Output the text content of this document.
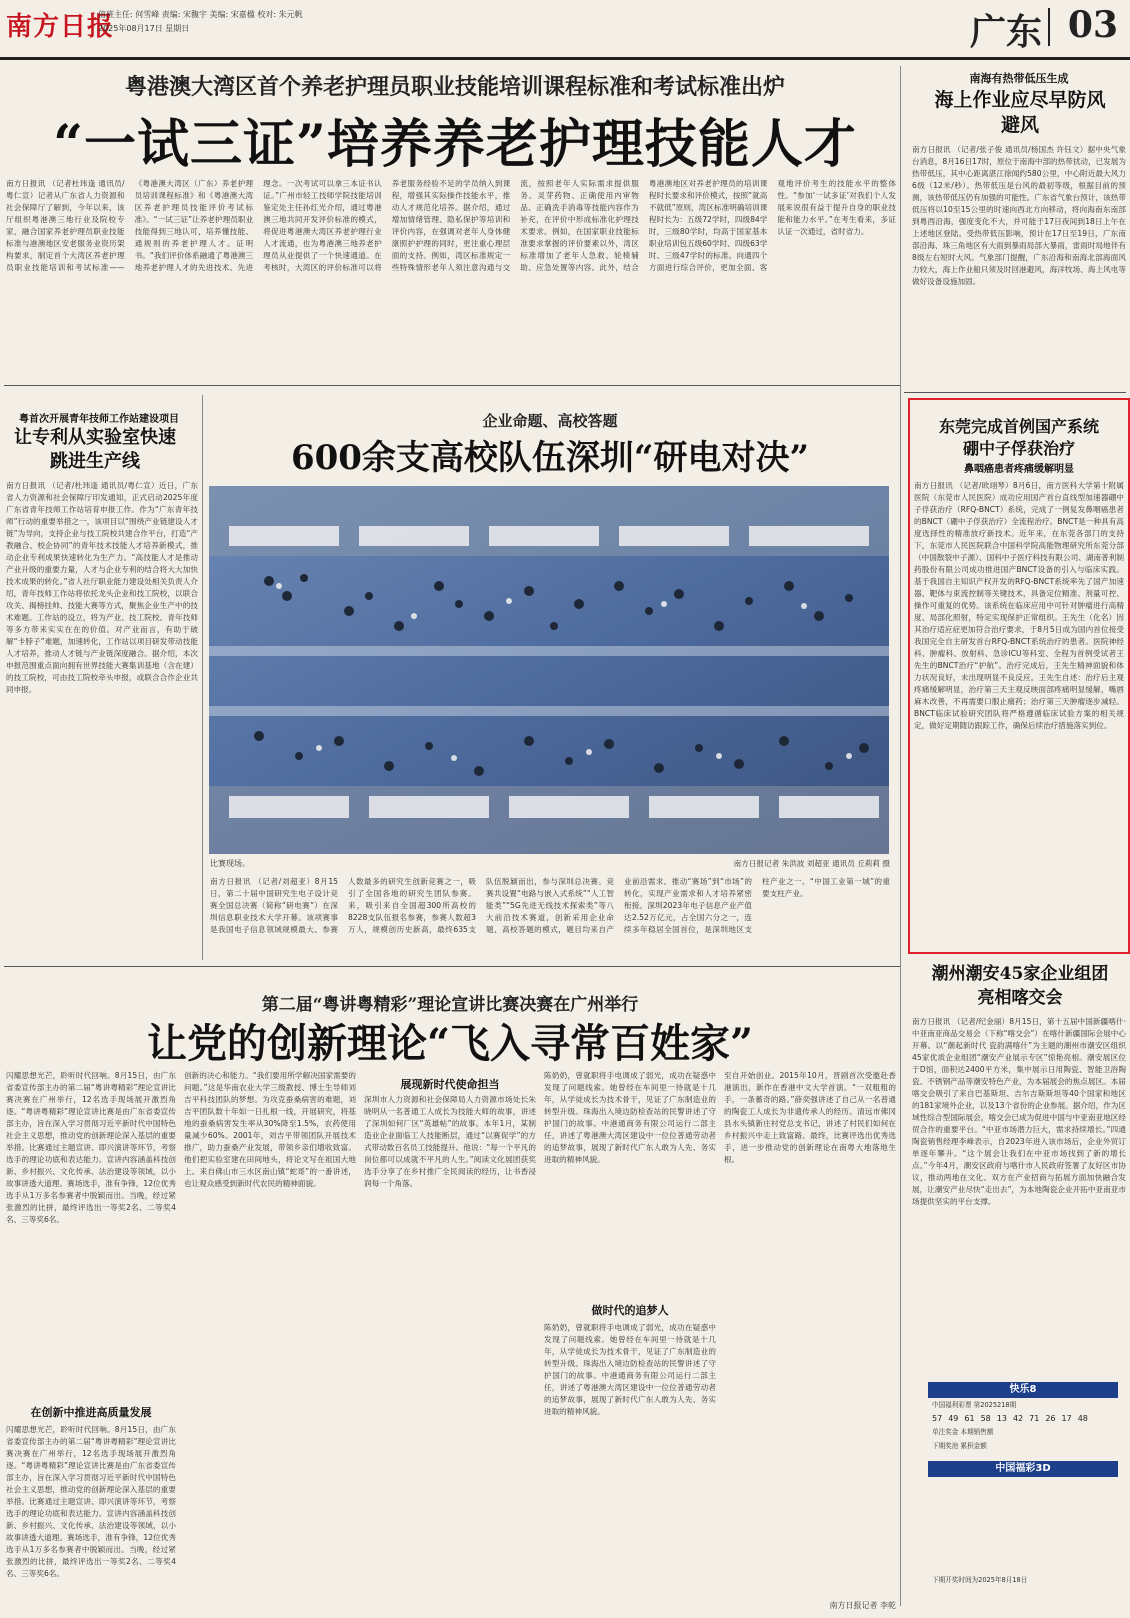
南方日报
值班主任: 何雪峰 责编: 宋馥宇 美编: 宋嘉楹 校对: 朱元帆
2025年08月17日 星期日	广东 03
粤港澳大湾区首个养老护理员职业技能培训课程标准和考试标准出炉
“一试三证”培养养老护理技能人才
南方日报讯 （记者杜玮逢 通讯员/粤仁宣）记者从广东省人力资源和社会保障厅了解到，今年以来，该厅组织粤港澳三地行业及院校专家，融合国家养老护理员职业技能标准与港澳地区安老服务业资历架构要求，制定首个大湾区养老护理员职业技能培训和考试标准——《粤港澳大湾区（广东）养老护理员培训课程标准》和《粤港澳大湾区养老护理员技能评价考试标准》。“一试三证”让养老护理员职业技能得到三地认可，培养懂技能、通规则的养老护理人才。证明书。“我们评价体系融通了粤港澳三地养老护理人才的先进技术、先进理念。一次考试可以拿三本证书认证。”广州市轻工技师学院技能培训鉴定处主任孙红光介绍，通过粤港澳三地共同开发评价标准的模式，将促进粤港澳大湾区养老护理行业人才流通，也为粤港澳三地养老护理员从业提供了一个快速通道。在考核时，大湾区的评价标准可以将养老服务经验不足的学员纳入到课程，增强其实际操作技能水平，推动人才规范化培养。据介绍，通过增加情绪管理、隐私保护等培训和评价内容，在强调对老年人身体健康照护护理的同时，更注重心理层面的支持。例如，湾区标准规定一些特殊情形老年人须注意沟通与交流，按照老年人实际需求提供服务。灵芽药物、正确使用内审物品、正确洗手消毒等技能内容作为补充，在评价中形成标准化护理技术要求。例如，在国家职业技能标准要求掌握的评价要素以外，湾区标准增加了老年人急救、轮椅辅助、应急处置等内容。此外，结合粤港澳地区对养老护理员的培训课程时长要求和评价模式，按照“就高不就低”原则，湾区标准明确培训课程时长为：五级72学时，四级84学时，三级80学时，均高于国家基本职业培训包五级60学时、四级63学时、三级47学时的标准。向通四个方面进行综合评价，更加全面、客观地评价考生的技能水平的整体性。“参加‘一试多证’对我们个人发展来说很有益于提升自身的职业技能和能力水平。”在考生看来，多证认证一次通过，省时省力。
南海有热带低压生成
海上作业应尽早防风避风
南方日报讯 （记者/张子俊 通讯员/杨国杰 许钰文）据中央气象台消息，8月16日17时，原位于南海中部的热带扰动，已发展为热带低压，其中心距离湛江徐闻约580公里，中心附近最大风力6级（12米/秒）。热带低压是台风的最初等级，根据目前的预测，该热带低压仍有加强的可能性。广东省气象台预计，该热带低压将以10至15公里的时速向西北方向移动，将向海南东南部到粤西沿海，强度变化不大，并可能于17日夜间到18日上午在上述地区登陆。受热带低压影响，预计在17日至19日，广东南部沿海、珠三角地区有大雨到暴雨局部大暴雨，雷雨时局地伴有8级左右短时大风。气象部门提醒，广东沿海和南海北部海面风力较大，海上作业船只须及时回港避风，海洋牧场、海上风电等做好设备设施加固。
粤首次开展青年技师工作站建设项目
让专利从实验室快速跳进生产线
南方日报讯 （记者/杜玮逢 通讯员/粤仁宣）近日，广东省人力资源和社会保障厅印发通知，正式启动2025年度广东省青年技师工作站培育申报工作。作为“广东青年技师”行动的重要举措之一，该项目以“围绕产业链建设人才链”为导向，支持企业与技工院校共建合作平台，打造“产教融合、校企协同”的青年技术技能人才培养新模式，推动企业专利成果快速转化为生产力。“高技能人才是推动产业升级的重要力量，人才与企业专利的结合将大大加快技术成果的转化。”省人社厅职业能力建设处相关负责人介绍，青年技师工作站将依托龙头企业和技工院校，以联合攻关、揭榜挂帅、技能大赛等方式，聚焦企业生产中的技术难题。工作站的设立，将为产业、技工院校、青年技师等多方带来实实在在的价值。对产业而言，有助于破解“卡脖子”难题，加速转化，工作站以项目研发带动技能人才培养，推动人才链与产业链深度融合。据介绍，本次申报范围重点面向拥有世界技能大赛集训基地（含在建）的技工院校，可由技工院校牵头申报，或联合合作企业共同申报。
企业命题、高校答题
600余支高校队伍深圳“研电对决”
比赛现场。	南方日报记者 朱洪波 刘超亚 通讯员 丘莉莉 摄
南方日报讯 （记者/刘超亚）8月15日，第二十届中国研究生电子设计竞赛全国总决赛（简称“研电赛”）在深圳信息职业技术大学开幕。该项赛事是我国电子信息领域规模最大、参赛人数最多的研究生创新竞赛之一，吸引了全国各地的研究生团队参赛。来，吸引来自全国超300所高校的8228支队伍报名参赛，参赛人数超3万人，规模创历史新高，最终635支队伍脱颖而出，参与深圳总决赛。竞赛共设置“电路与嵌入式系统”“人工智能类”“5G先进无线技术探索类”等八大前沿技术赛道，创新采用企业命题、高校答题的模式，题目均来自产业前沿需求。推动“赛场”到“市场”的转化，实现产业需求和人才培养紧密衔接。深圳2023年电子信息产业产值达2.52万亿元，占全国六分之一，连续多年稳居全国首位，是深圳地区支柱产业之一。“中国工业第一城”的重要支柱产业。
东莞完成首例国产系统
硼中子俘获治疗
鼻咽癌患者疼痛缓解明显
南方日报讯 （记者/欧翊琴）8月6日，南方医科大学第十附属医院（东莞市人民医院）成功应用国产首台直线型加速器硼中子俘获治疗（RFQ-BNCT）系统，完成了一例复发鼻咽癌患者的BNCT（硼中子俘获治疗）全流程治疗。BNCT是一种具有高度选择性的精准放疗新技术。近年来，在东莞各部门的支持下，东莞市人民医院联合中国科学院高能物理研究所东莞分部（中国散裂中子源）、国科中子医疗科技有限公司、湖南普利制药股份有限公司成功推进国产BNCT设备的引入与临床实践。基于我国自主知识产权开发的RFQ-BNCT系统率先了国产加速器、靶体与束流控制等关键技术，具备定位精准、剂量可控、操作可重复的优势。该系统在临床应用中可针对肿瘤进行高精度、局部化照射，特定实现保护正常组织。王先生（化名）因其治疗适应症更加符合治疗要求，于8月5日成为国内首位接受我国完全自主研发首台RFQ-BNCT系统治疗的患者。医院神经科、肿瘤科、放射科、急诊ICU等科室、全程为首例受试者王先生的BNCT治疗“护航”。治疗完成后，王先生精神面貌和体力状况良好，未出现明显不良反应。王先生自述：治疗后主观疼痛缓解明显，治疗第三天主观反映面部疼痛明显缓解，嘴唇麻木改善，不再需要口服止痛药；治疗第三天肿瘤逐步减轻。BNCT临床试验研究团队将严格遵循临床试验方案的相关规定，做好定期随访跟踪工作，确保后续治疗措施落实到位。
潮州潮安45家企业组团亮相喀交会
南方日报讯 （记者/纪金丽）8月15日，第十五届中国新疆喀什·中亚南亚商品交易会（下称“喀交会”）在喀什新疆国际会展中心开幕。以“潮起新时代 瓷韵满喀什”为主题的潮州市潮安区组织45家优质企业组团“潮安产业展示专区”惊艳亮相。潮安展区位于D馆，面积达2400平方米，集中展示日用陶瓷、智能卫浴陶瓷、不锈钢产品等潮安特色产业，为本届展会的焦点展区。本届喀交会吸引了来自巴基斯坦、吉尔吉斯斯坦等40个国家和地区的181家境外企业，以及13个省份的企业参展。据介绍，作为区域性综合型国际展会，喀交会已成为促进中国与中亚南亚地区经贸合作的重要平台。“中亚市场潜力巨大，需求持续增长。”四通陶瓷销售经理李峰表示，自2023年进入该市场后，企业外贸订单逐年攀升。“这个展会让我们在中亚市场找到了新的增长点。”今年4月，潮安区政府与喀什市人民政府签署了友好区市协议，推动两地在文化、双方在产业招商与拓展方面加快融合发展，让潮安产业尽快“走出去”，为本地陶瓷企业开拓中亚南亚市场提供坚实的平台支撑。
快乐8
中国福利彩票 第2025218期
57 49 61 58 13 42 71 26 17 48
单注奖金 本期销售额
下期奖池 累积金额
中国福彩3D
下期开奖时间为2025年8月18日
第二届“粤讲粤精彩”理论宣讲比赛决赛在广州举行
让党的创新理论“飞入寻常百姓家”
闪耀思想光芒，聆听时代回响。8月15日，由广东省委宣传部主办的第二届“粤讲粤精彩”理论宣讲比赛决赛在广州举行，12名选手现场展开激烈角逐。“粤讲粤精彩”理论宣讲比赛是由广东省委宣传部主办，旨在深入学习贯彻习近平新时代中国特色社会主义思想，推动党的创新理论深入基层的重要举措。比赛通过主题宣讲、即兴演讲等环节，考察选手的理论功底和表达能力。宣讲内容涵盖科技创新、乡村振兴、文化传承、法治建设等领域，以小故事讲透大道理。赛场选手，准有争锋，12位优秀选手从1万多名参赛者中脱颖而出。当晚，经过紧张激烈的比拼，最终评选出一等奖2名、二等奖4名、三等奖6名。
在创新中推进高质量发展
闪耀思想光芒，聆听时代回响。8月15日，由广东省委宣传部主办的第二届“粤讲粤精彩”理论宣讲比赛决赛在广州举行，12名选手现场展开激烈角逐。“粤讲粤精彩”理论宣讲比赛是由广东省委宣传部主办，旨在深入学习贯彻习近平新时代中国特色社会主义思想，推动党的创新理论深入基层的重要举措。比赛通过主题宣讲、即兴演讲等环节，考察选手的理论功底和表达能力。宣讲内容涵盖科技创新、乡村振兴、文化传承、法治建设等领域，以小故事讲透大道理。赛场选手，准有争锋，12位优秀选手从1万多名参赛者中脱颖而出。当晚，经过紧张激烈的比拼，最终评选出一等奖2名、二等奖4名、三等奖6名。
创新的决心和能力。“我们要用所学解决国家需要的问题。”这是华南农业大学三级教授、博士生导师刘吉平科技团队的梦想。为攻克蚕桑病害的难题，刘吉平团队数十年如一日扎根一线，开展研究，将基地的蚕桑病害发生率从30%降至1.5%，农药使用量减少60%。2001年，刘吉平带领团队开展技术推广，助力蚕桑产业发展，带领乡亲们增收致富。他们把实验室建在田间地头，将论文写在祖国大地上。来自佛山市三水区南山镇“蛇哥”的一番讲述，也让观众感受到新时代农民的精神面貌。
展现新时代使命担当
深圳市人力资源和社会保障局人力资源市场处长朱晓明从一名普通工人成长为技能大师的故事，讲述了深圳如何厂区“英雄帖”的故事。本年1月，某制造业企业面临工人技能断层，通过“以赛促学”的方式带动数百名员工技能提升。他说：“每一个平凡的岗位都可以成就不平凡的人生。”阅读文化展团获奖选手分享了在乡村推广全民阅读的经历，让书香浸润每一个角落。
陈奶奶，曾就职将手电调成了弱光，成功在疑惑中发现了问题线索。她曾经在车间里一待就是十几年，从学徒成长为技术骨干，见证了广东制造业的转型升级。珠海出入境边防检查站的民警讲述了守护国门的故事。中港通商务有限公司运行二部主任，讲述了粤港澳大湾区建设中一位位普通劳动者的追梦故事，展现了新时代广东人敢为人先、务实进取的精神风貌。
做时代的追梦人
陈奶奶，曾就职将手电调成了弱光，成功在疑惑中发现了问题线索。她曾经在车间里一待就是十几年，从学徒成长为技术骨干，见证了广东制造业的转型升级。珠海出入境边防检查站的民警讲述了守护国门的故事。中港通商务有限公司运行二部主任，讲述了粤港澳大湾区建设中一位位普通劳动者的追梦故事，展现了新时代广东人敢为人先、务实进取的精神风貌。
至自开始创业。2015年10月，晋剧首次受邀赴香港演出，新作在香港中文大学首演。“一双粗粗的手，一条蓄奇的路。”薛奕强讲述了自己从一名普通的陶瓷工人成长为非遗传承人的经历。清远市佛冈县水头镇新庄村党总支书记，讲述了村民们如何在乡村振兴中走上致富路。最终，比赛评选出优秀选手，进一步推动党的创新理论在南粤大地落地生根。
南方日报记者 李乾
